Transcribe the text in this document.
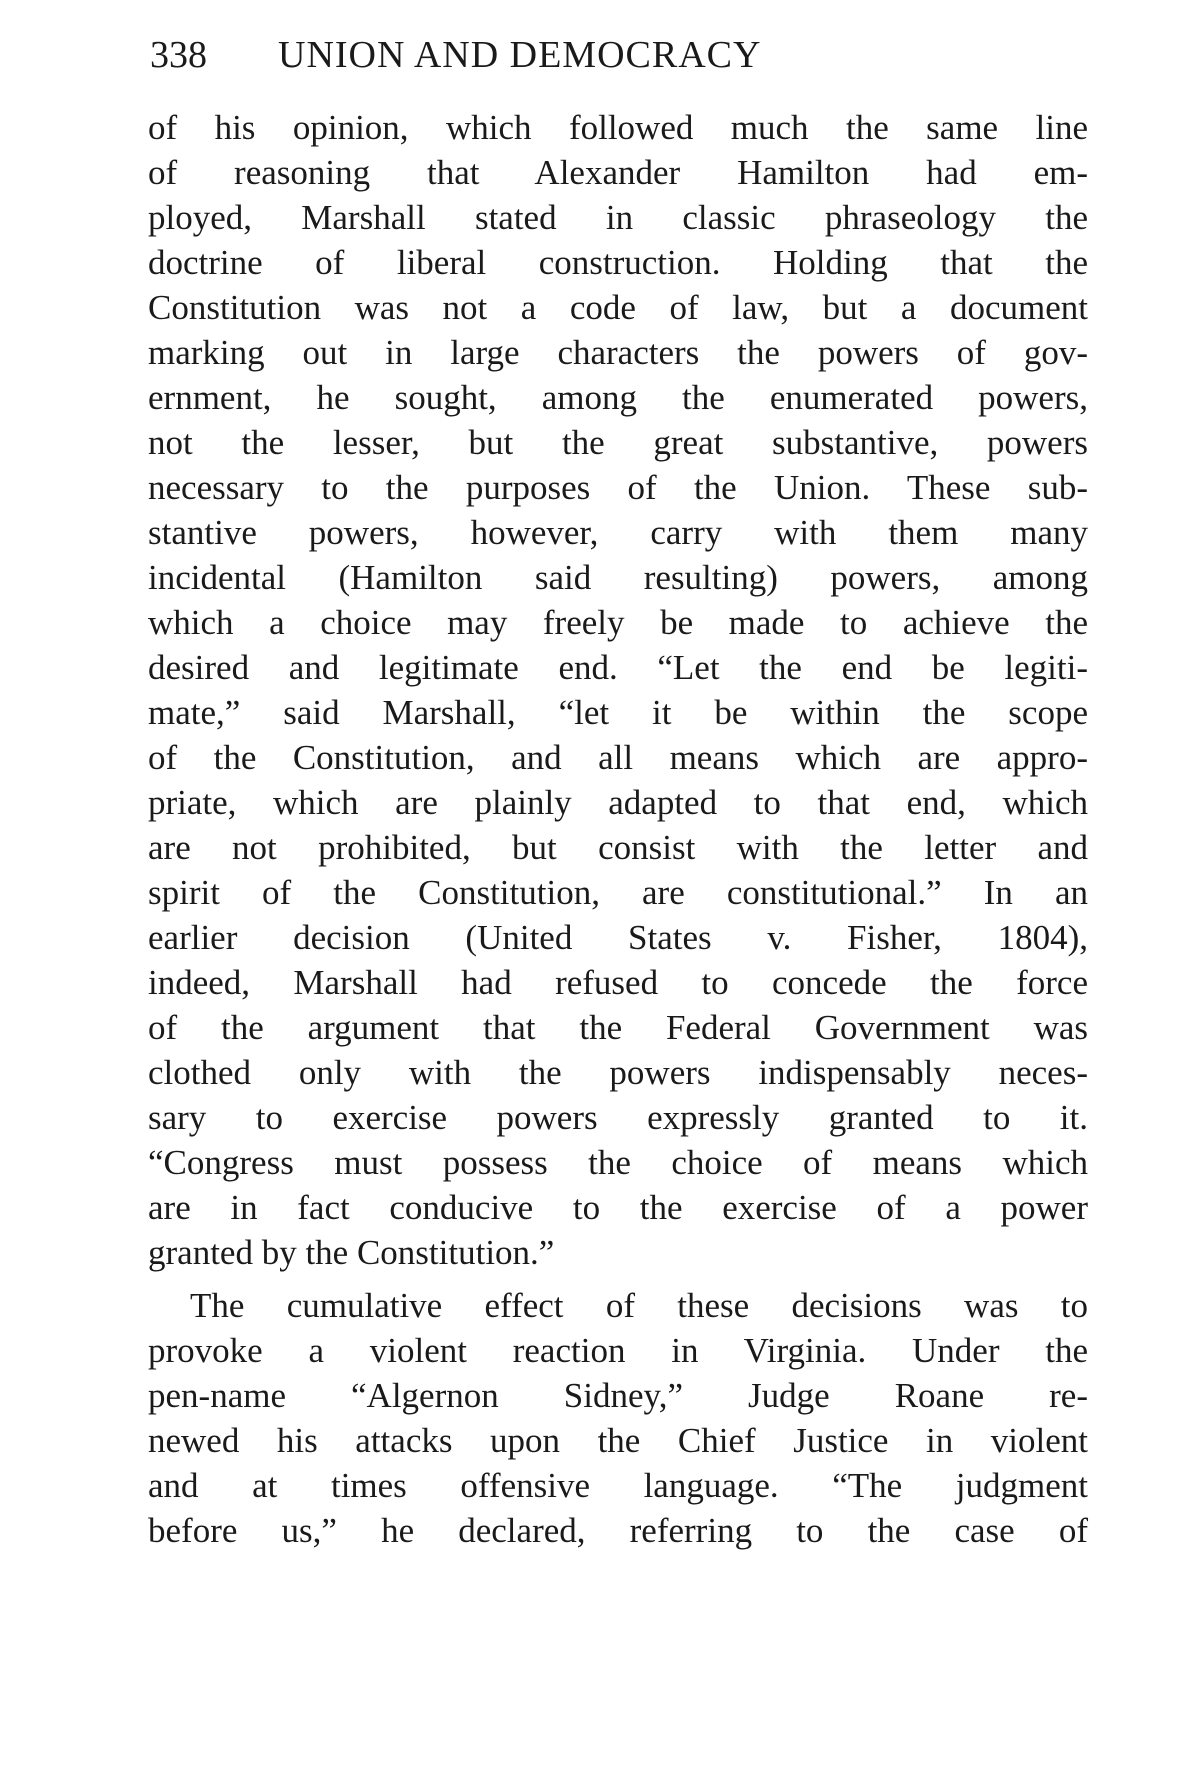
338 UNION AND DEMOCRACY
of his opinion, which followed much the same line
of reasoning that Alexander Hamilton had em-
ployed, Marshall stated in classic phraseology the
doctrine of liberal construction. Holding that the
Constitution was not a code of law, but a document
marking out in large characters the powers of gov-
ernment, he sought, among the enumerated powers,
not the lesser, but the great substantive, powers
necessary to the purposes of the Union. These sub-
stantive powers, however, carry with them many
incidental (Hamilton said resulting) powers, among
which a choice may freely be made to achieve the
desired and legitimate end. “Let the end be legiti-
mate,” said Marshall, “let it be within the scope
of the Constitution, and all means which are appro-
priate, which are plainly adapted to that end, which
are not prohibited, but consist with the letter and
spirit of the Constitution, are constitutional.” In an
earlier decision (United States v. Fisher, 1804),
indeed, Marshall had refused to concede the force
of the argument that the Federal Government was
clothed only with the powers indispensably neces-
sary to exercise powers expressly granted to it.
“Congress must possess the choice of means which
are in fact conducive to the exercise of a power
granted by the Constitution.”
The cumulative effect of these decisions was to
provoke a violent reaction in Virginia. Under the
pen-name “Algernon Sidney,” Judge Roane re-
newed his attacks upon the Chief Justice in violent
and at times offensive language. “The judgment
before us,” he declared, referring to the case of
